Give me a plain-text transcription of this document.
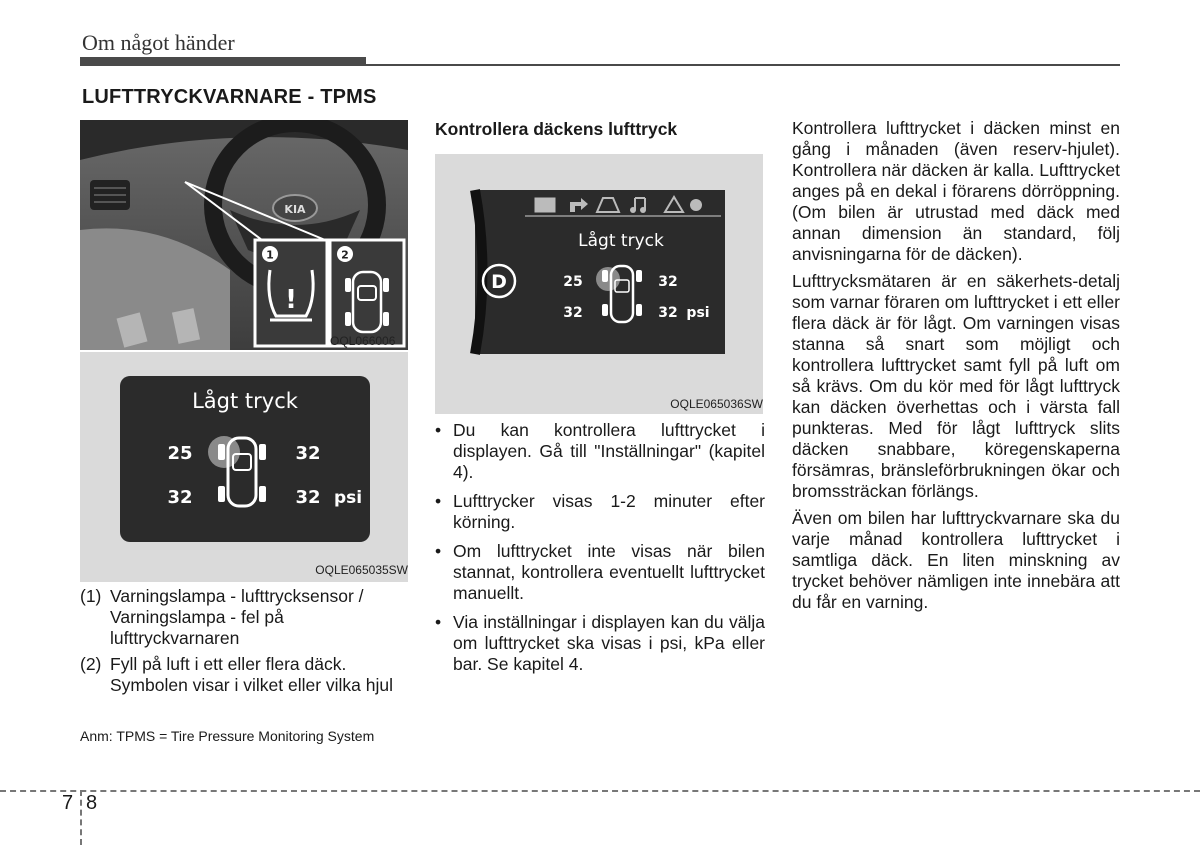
Om något händer
LUFTTRYCKVARNARE - TPMS
KIA
1
!
2
OQL066006
Lågt tryck
25	32
32	32 psi
OQLE065035SW
D
Lågt tryck
25	32
32	32 psi
OQLE065036SW
(1) Varningslampa - lufttrycksensor / Varningslampa - fel på lufttryckvarnaren
(2) Fyll på luft i ett eller flera däck. Symbolen visar i vilket eller vilka hjul
Anm: TPMS = Tire Pressure Monitoring System
Kontrollera däckens lufttryck
• Du kan kontrollera lufttrycket i displayen. Gå till "Inställningar" (kapitel 4).
• Lufttrycker visas 1-2 minuter efter körning.
• Om lufttrycket inte visas när bilen stannat, kontrollera eventuellt lufttrycket manuellt.
• Via inställningar i displayen kan du välja om lufttrycket ska visas i psi, kPa eller bar. Se kapitel 4.

Kontrollera lufttrycket i däcken minst en gång i månaden (även reserv-hjulet). Kontrollera när däcken är kalla. Lufttrycket anges på en dekal i förarens dörröppning. (Om bilen är utrustad med däck med annan dimension än standard, följ anvisningarna för de däcken).

Lufttrycksmätaren är en säkerhets-detalj som varnar föraren om lufttrycket i ett eller flera däck är för lågt. Om varningen visas stanna så snart som möjligt och kontrollera lufttrycket samt fyll på luft om så krävs. Om du kör med för lågt lufttryck kan däcken överhettas och i värsta fall punkteras. Med för lågt lufttryck slits däcken snabbare, köregenskaperna försämras, bränsleförbrukningen ökar och bromssträckan förlängs.

Även om bilen har lufttryckvarnare ska du varje månad kontrollera lufttrycket i samtliga däck. En liten minskning av trycket behöver nämligen inte innebära att du får en varning.

7 8
